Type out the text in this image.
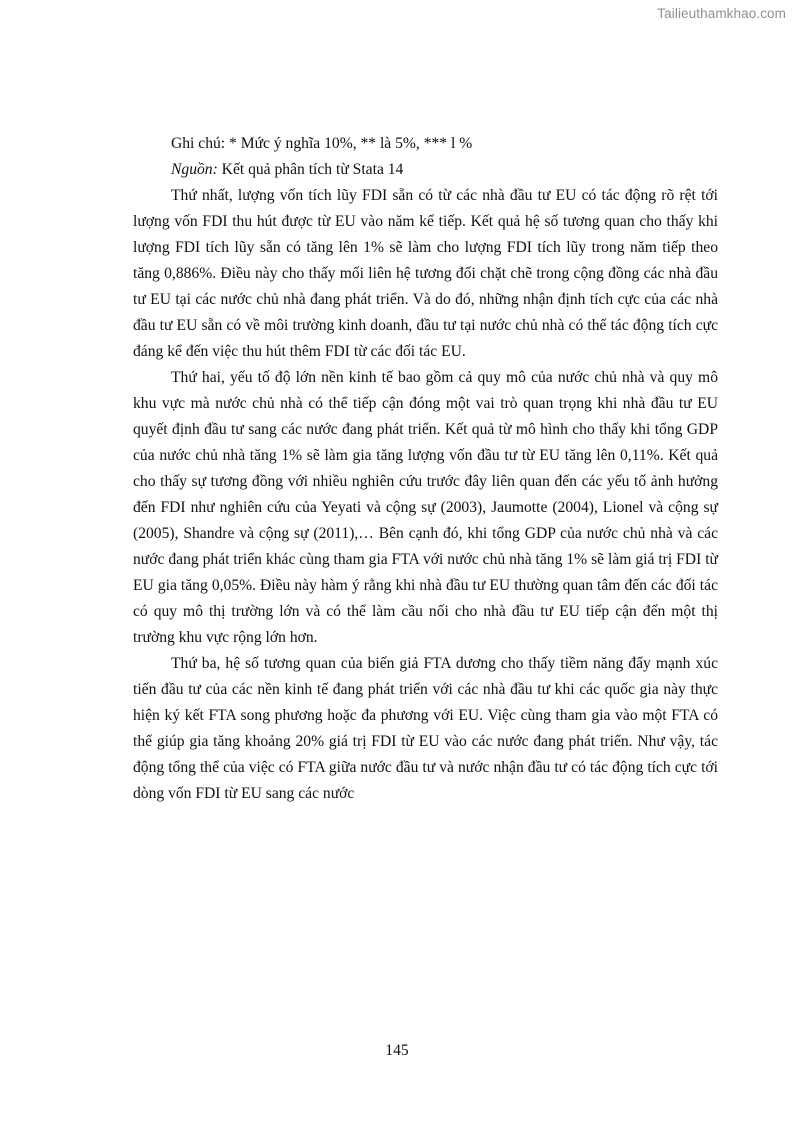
Tailieuthamkhao.com

Ghi chú: * Mức ý nghĩa 10%, ** là 5%, *** l %

Nguồn: Kết quả phân tích từ Stata 14

Thứ nhất, lượng vốn tích lũy FDI sẵn có từ các nhà đầu tư EU có tác động rõ rệt tới lượng vốn FDI thu hút được từ EU vào năm kế tiếp. Kết quả hệ số tương quan cho thấy khi lượng FDI tích lũy sẵn có tăng lên 1% sẽ làm cho lượng FDI tích lũy trong năm tiếp theo tăng 0,886%. Điều này cho thấy mối liên hệ tương đối chặt chẽ trong cộng đồng các nhà đầu tư EU tại các nước chủ nhà đang phát triển. Và do đó, những nhận định tích cực của các nhà đầu tư EU sẵn có về môi trường kinh doanh, đầu tư tại nước chủ nhà có thể tác động tích cực đáng kể đến việc thu hút thêm FDI từ các đối tác EU.

Thứ hai, yếu tố độ lớn nền kinh tế bao gồm cả quy mô của nước chủ nhà và quy mô khu vực mà nước chủ nhà có thể tiếp cận đóng một vai trò quan trọng khi nhà đầu tư EU quyết định đầu tư sang các nước đang phát triển. Kết quả từ mô hình cho thấy khi tổng GDP của nước chủ nhà tăng 1% sẽ làm gia tăng lượng vốn đầu tư từ EU tăng lên 0,11%. Kết quả cho thấy sự tương đồng với nhiều nghiên cứu trước đây liên quan đến các yếu tố ảnh hưởng đến FDI như nghiên cứu của Yeyati và cộng sự (2003), Jaumotte (2004), Lionel và cộng sự (2005), Shandre và cộng sự (2011),… Bên cạnh đó, khi tổng GDP của nước chủ nhà và các nước đang phát triển khác cùng tham gia FTA với nước chủ nhà tăng 1% sẽ làm giá trị FDI từ EU gia tăng 0,05%. Điều này hàm ý rằng khi nhà đầu tư EU thường quan tâm đến các đối tác có quy mô thị trường lớn và có thể làm cầu nối cho nhà đầu tư EU tiếp cận đến một thị trường khu vực rộng lớn hơn.

Thứ ba, hệ số tương quan của biến giả FTA dương cho thấy tiềm năng đẩy mạnh xúc tiến đầu tư của các nền kinh tế đang phát triển với các nhà đầu tư khi các quốc gia này thực hiện ký kết FTA song phương hoặc đa phương với EU. Việc cùng tham gia vào một FTA có thể giúp gia tăng khoảng 20% giá trị FDI từ EU vào các nước đang phát triển. Như vậy, tác động tổng thể của việc có FTA giữa nước đầu tư và nước nhận đầu tư có tác động tích cực tới dòng vốn FDI từ EU sang các nước

145
